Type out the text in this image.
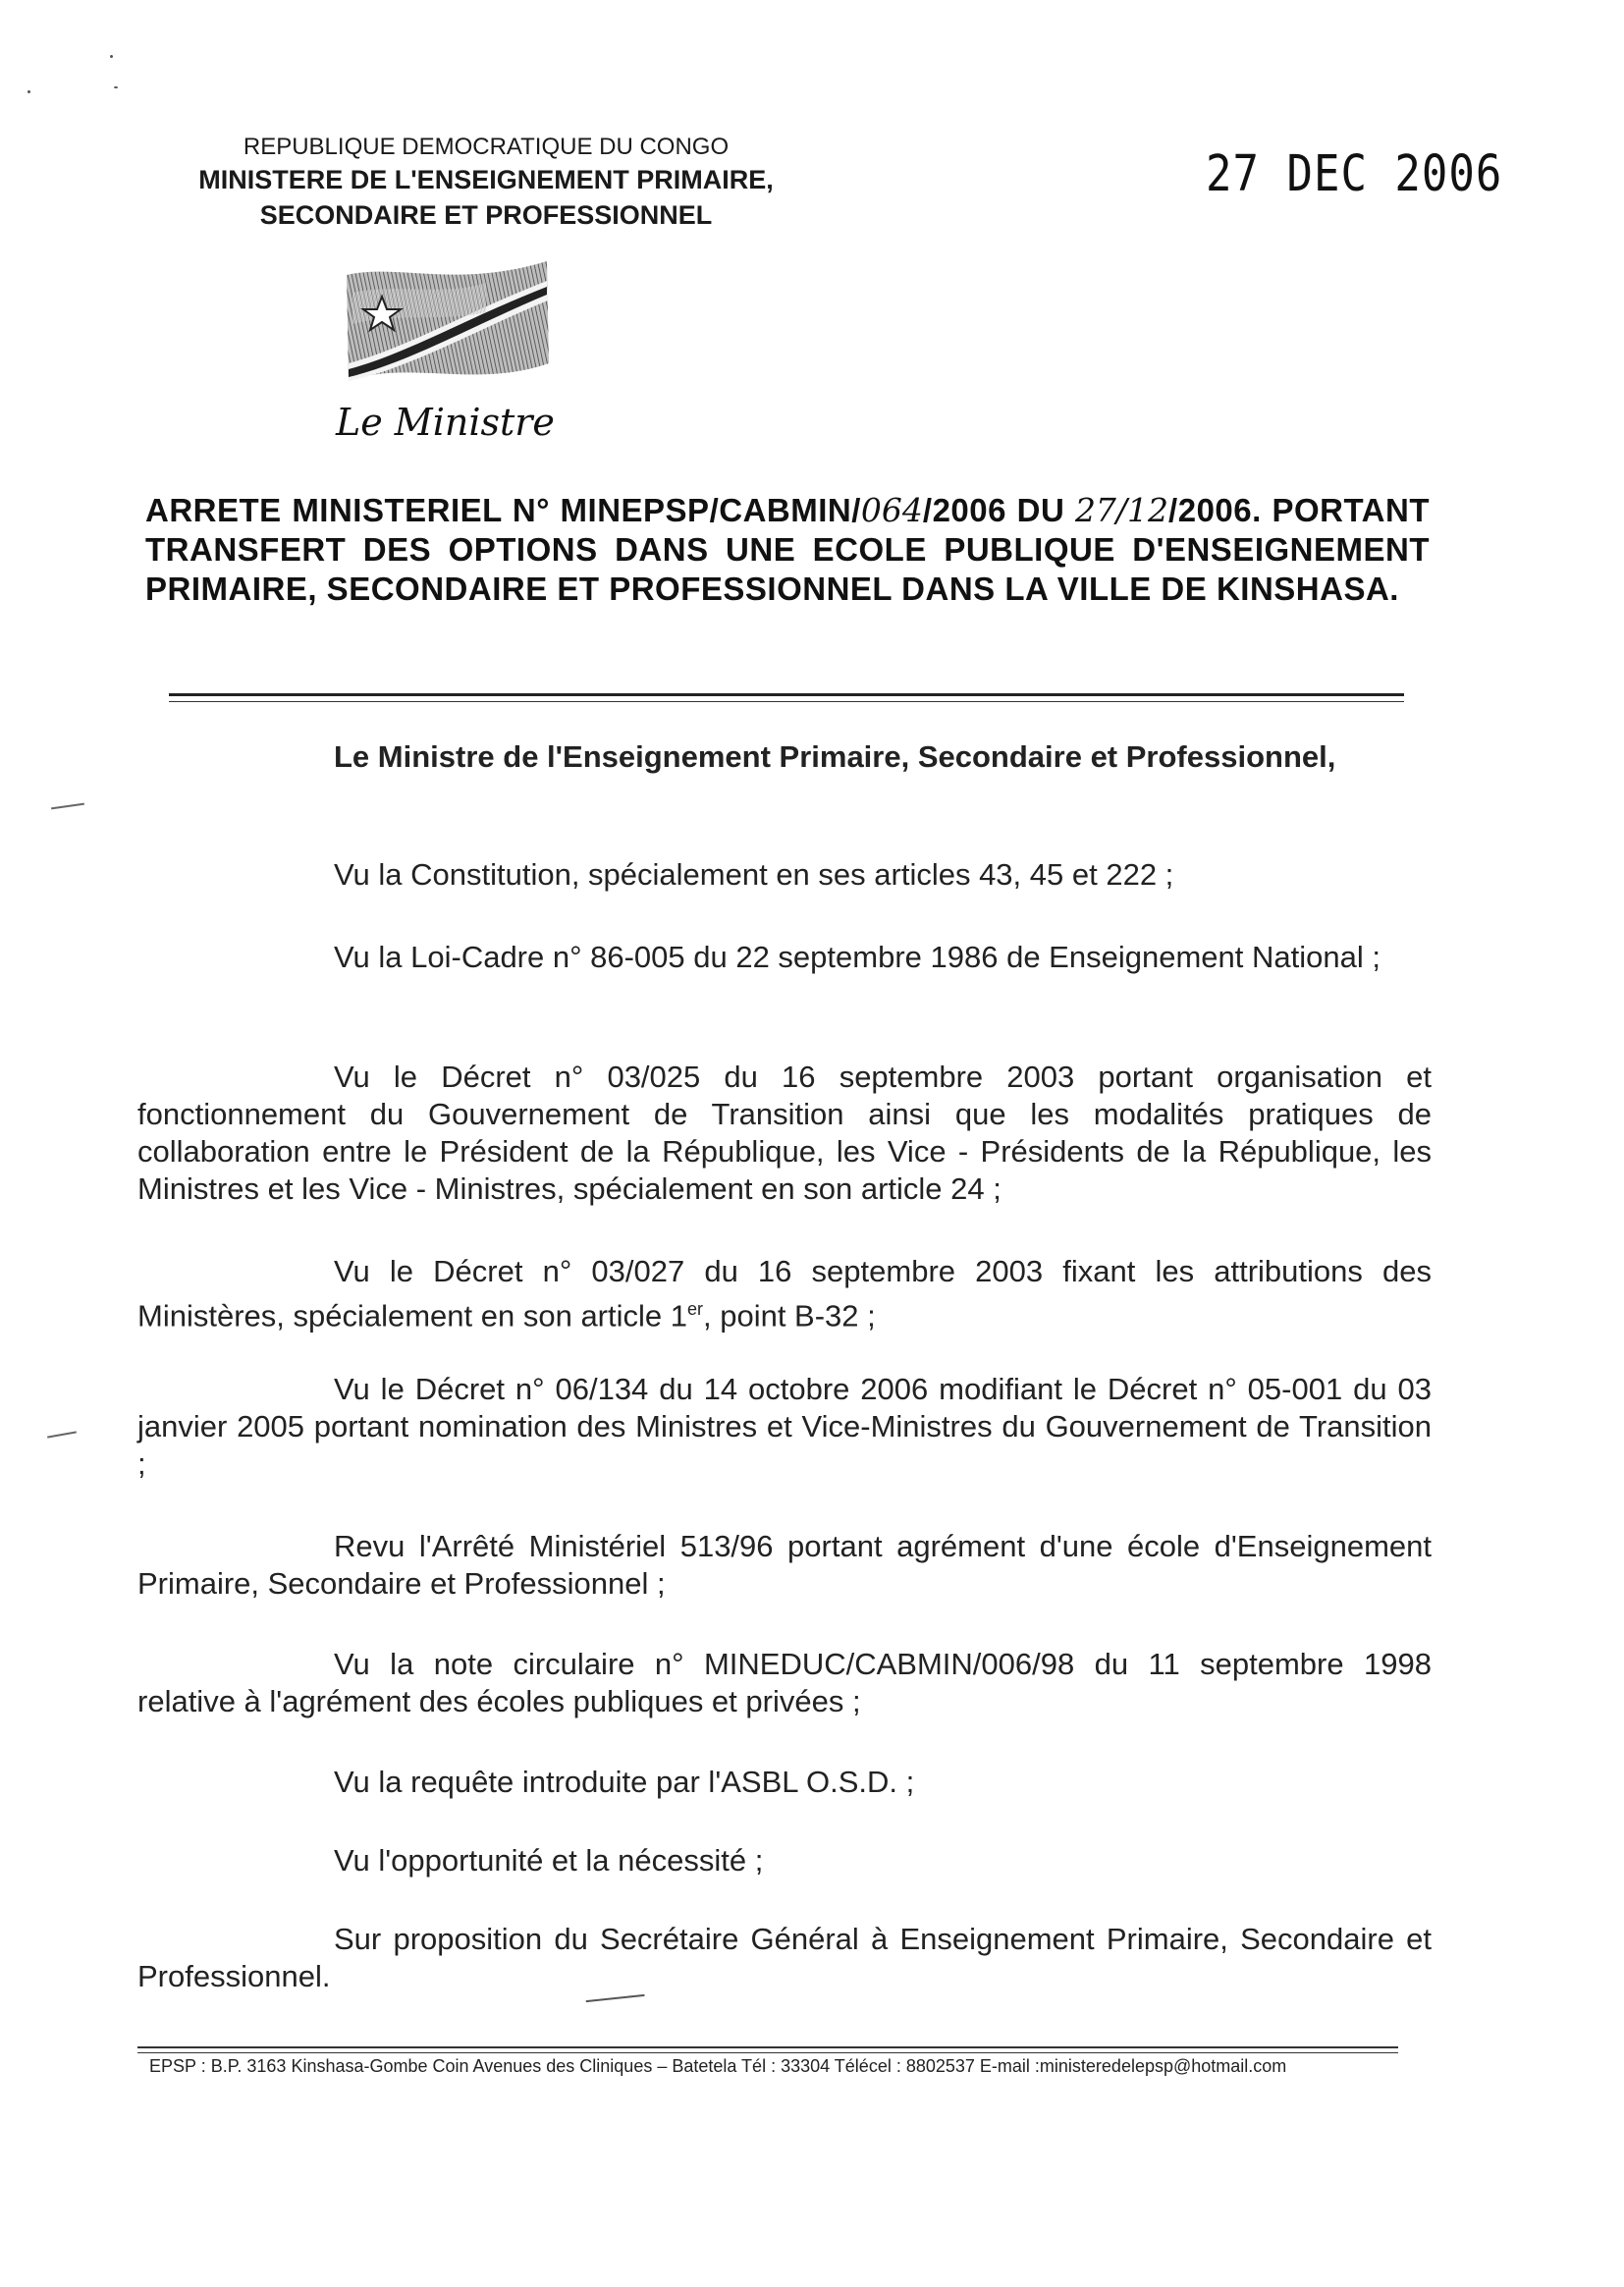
REPUBLIQUE DEMOCRATIQUE DU CONGO
MINISTERE DE L'ENSEIGNEMENT PRIMAIRE,
SECONDAIRE ET PROFESSIONNEL
27 DEC 2006
Le Ministre
ARRETE MINISTERIEL N° MINEPSP/CABMIN/064/2006 DU 27/12/2006. PORTANT TRANSFERT DES OPTIONS DANS UNE ECOLE PUBLIQUE D'ENSEIGNEMENT PRIMAIRE, SECONDAIRE ET PROFESSIONNEL DANS LA VILLE DE KINSHASA.
Le Ministre de l'Enseignement Primaire, Secondaire et Professionnel,
Vu la Constitution, spécialement en ses articles 43, 45 et 222 ;
Vu la Loi-Cadre n° 86-005 du 22 septembre 1986 de Enseignement National ;
Vu le Décret n° 03/025 du 16 septembre 2003 portant organisation et fonctionnement du Gouvernement de Transition ainsi que les modalités pratiques de collaboration entre le Président de la République, les Vice - Présidents de la République, les Ministres et les Vice - Ministres, spécialement en son article 24 ;
Vu le Décret n° 03/027 du 16 septembre 2003 fixant les attributions des Ministères, spécialement en son article 1er, point B-32 ;
Vu le Décret n° 06/134 du 14 octobre 2006 modifiant le Décret n° 05-001 du 03 janvier 2005 portant nomination des Ministres et Vice-Ministres du Gouvernement de Transition ;
Revu l'Arrêté Ministériel 513/96 portant agrément d'une école d'Enseignement Primaire, Secondaire et Professionnel ;
Vu la note circulaire n° MINEDUC/CABMIN/006/98 du 11 septembre 1998 relative à l'agrément des écoles publiques et privées ;
Vu la requête introduite par l'ASBL O.S.D. ;
Vu l'opportunité et la nécessité ;
Sur proposition du Secrétaire Général à Enseignement Primaire, Secondaire et Professionnel.
EPSP : B.P. 3163 Kinshasa-Gombe Coin Avenues des Cliniques – Batetela Tél : 33304 Télécel : 8802537 E-mail :ministeredelepsp@hotmail.com
